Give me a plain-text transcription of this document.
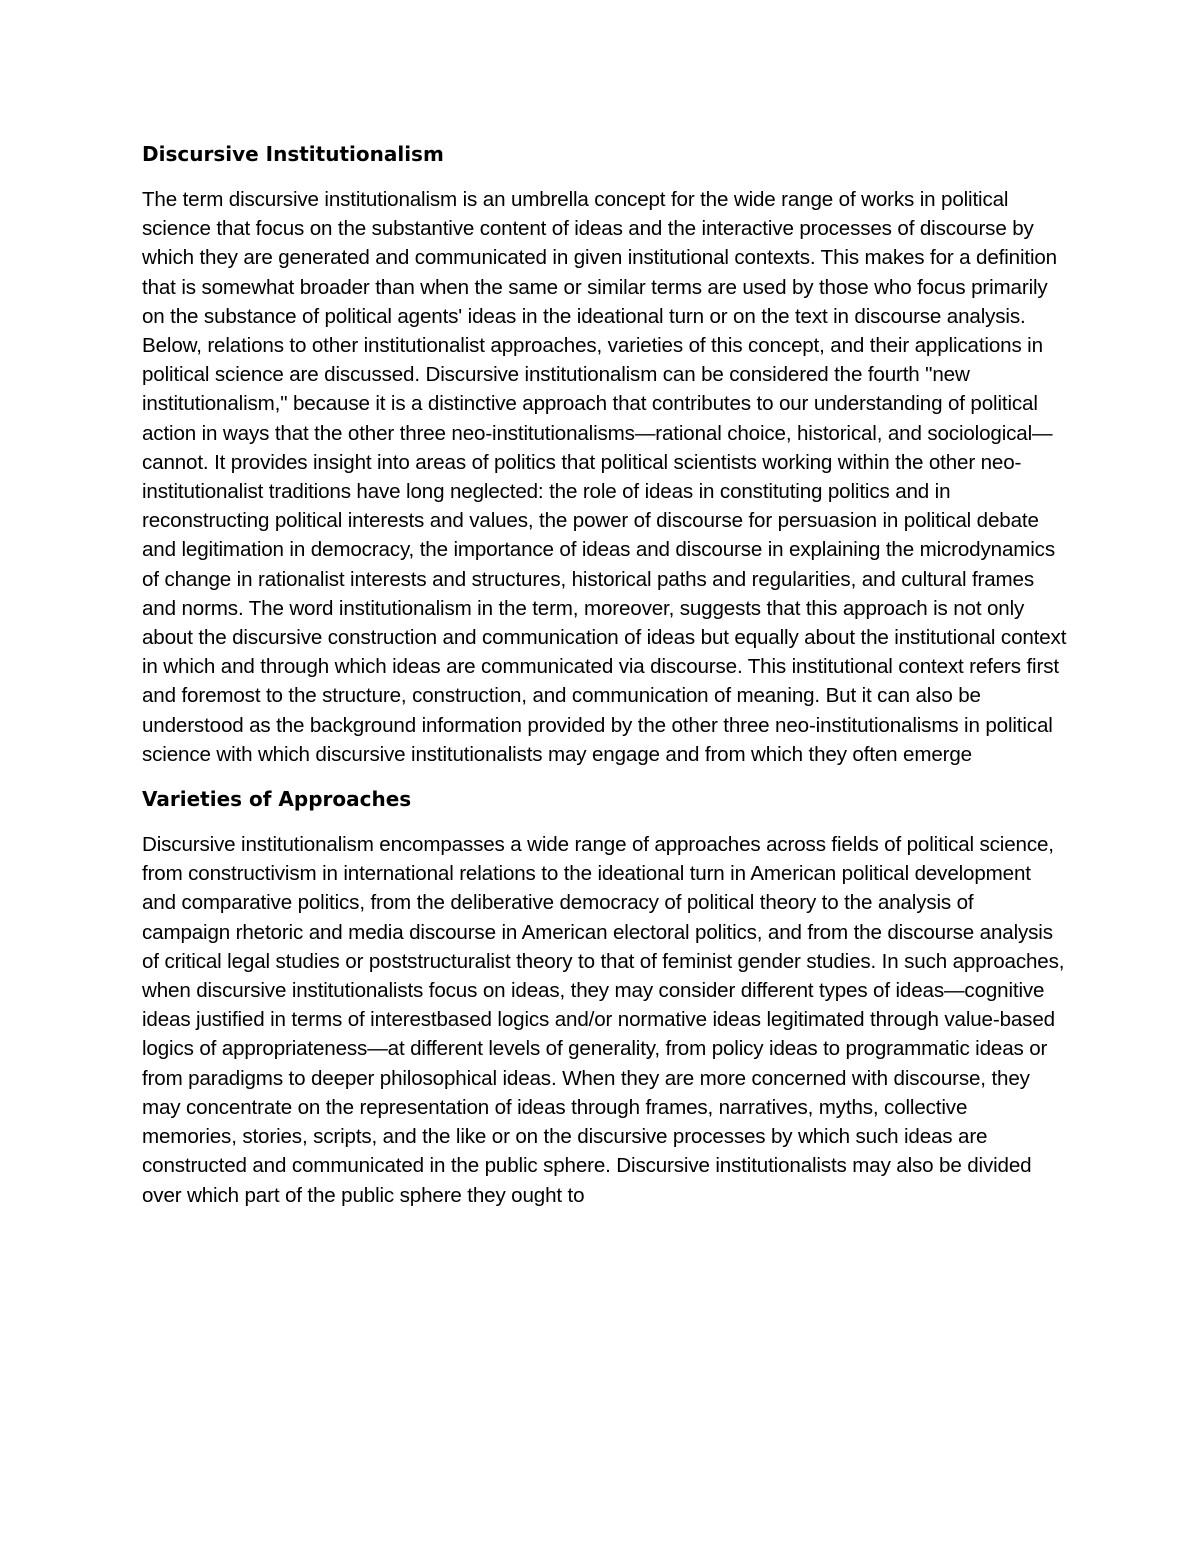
Discursive Institutionalism

The term discursive institutionalism is an umbrella concept for the wide range of works in political science that focus on the substantive content of ideas and the interactive processes of discourse by which they are generated and communicated in given institutional contexts. This makes for a definition that is somewhat broader than when the same or similar terms are used by those who focus primarily on the substance of political agents' ideas in the ideational turn or on the text in discourse analysis. Below, relations to other institutionalist approaches, varieties of this concept, and their applications in political science are discussed. Discursive institutionalism can be considered the fourth "new institutionalism," because it is a distinctive approach that contributes to our understanding of political action in ways that the other three neo-institutionalisms—rational choice, historical, and sociological—cannot. It provides insight into areas of politics that political scientists working within the other neo-institutionalist traditions have long neglected: the role of ideas in constituting politics and in reconstructing political interests and values, the power of discourse for persuasion in political debate and legitimation in democracy, the importance of ideas and discourse in explaining the microdynamics of change in rationalist interests and structures, historical paths and regularities, and cultural frames and norms. The word institutionalism in the term, moreover, suggests that this approach is not only about the discursive construction and communication of ideas but equally about the institutional context in which and through which ideas are communicated via discourse. This institutional context refers first and foremost to the structure, construction, and communication of meaning. But it can also be understood as the background information provided by the other three neo-institutionalisms in political science with which discursive institutionalists may engage and from which they often emerge

Varieties of Approaches

Discursive institutionalism encompasses a wide range of approaches across fields of political science, from constructivism in international relations to the ideational turn in American political development and comparative politics, from the deliberative democracy of political theory to the analysis of campaign rhetoric and media discourse in American electoral politics, and from the discourse analysis of critical legal studies or poststructuralist theory to that of feminist gender studies. In such approaches, when discursive institutionalists focus on ideas, they may consider different types of ideas—cognitive ideas justified in terms of interestbased logics and/or normative ideas legitimated through value-based logics of appropriateness—at different levels of generality, from policy ideas to programmatic ideas or from paradigms to deeper philosophical ideas. When they are more concerned with discourse, they may concentrate on the representation of ideas through frames, narratives, myths, collective memories, stories, scripts, and the like or on the discursive processes by which such ideas are constructed and communicated in the public sphere. Discursive institutionalists may also be divided over which part of the public sphere they ought to
